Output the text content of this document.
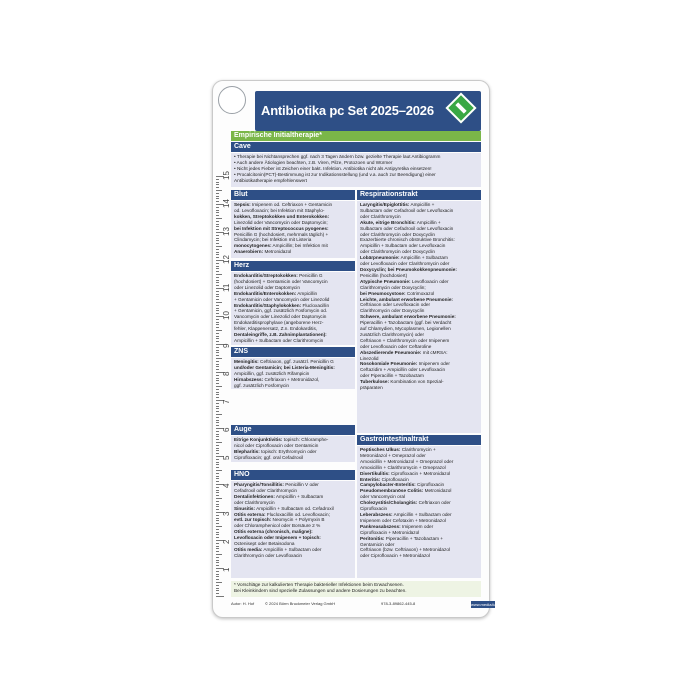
Antibiotika pc Set 2025–2026
1
2
3
4
5
6
7
8
9
10
11
12
13
14
15
Empirische Initialtherapie*
Cave
• Therapie bei Nichtansprechen ggf. nach 3 Tagen ändern bzw. gezielte Therapie laut Antibiogramm
• Auch andere Ätiologien beachten, z.B. Viren, Pilze, Protozoen und Würmer
• Nicht jedes Fieber ist Zeichen einer bakt. Infektion. Antibiotika nicht als Antipyretika einsetzen!
• Procalcitonin(PCT)-Bestimmung ist zur Indikationsstellung (und v.a. auch zur Beendigung) einer
Antibiotikatherapie empfehlenswert
Blut
Sepsis: Imipenem od. Ceftriaxon + Gentamicin
od. Levofloxacin; bei Infektion mit Staphylo-
kokken, Streptokokken und Enterokokken:
Linezolid oder Vancomycin oder Daptomycin;
bei Infektion mit Streptococcus pyogenes:
Penicillin G (hochdosiert, mehrmals täglich) +
Clindamycin; bei Infektion mit Listeria
monocytogenes: Ampicillin; bei Infektion mit
Anaerobiern: Metronidazol
Herz
Endokarditis/Streptokokken: Penicillin G
(hochdosiert) + Gentamicin oder Vancomycin
oder Linezolid oder Daptomycin
Endokarditis/Enterokokken: Ampicillin
+ Gentamicin oder Vancomycin oder Linezolid
Endokarditis/Staphylokokken: Flucloxacillin
+ Gentamicin, ggf. zusätzlich Fosfomycin od.
Vancomycin oder Linezolid oder Daptomycin
Endokarditisprophylaxe (angeborene Herz-
fehler, Klappenersatz, Z.n. Endokarditis,
Dentaleingriffe, z.B. Zahnimplantationen):
Ampicillin + Sulbactam oder Clarithromycin
ZNS
Meningitis: Ceftriaxon, ggf. zusätzl. Penicillin G
und/oder Gentamicin; bei Listeria-Meningitis:
Ampicillin, ggf. zusätzlich Rifampicin
Hirnabszess: Ceftriaxon + Metronidazol,
ggf. zusätzlich Fosfomycin
Auge
Eitrige Konjunktivitis: topisch: Chloramphe-
nicol oder Ciprofloxacin oder Gentamicin
Blepharitis: topisch: Erythromycin oder
Ciprofloxacin; ggf. oral Cefadroxil
HNO
Pharyngitis/Tonsillitis: Penicillin V oder
Cefadroxil oder Clarithromycin
Dentalinfektionen: Ampicillin + Sulbactam
oder Clarithromycin
Sinusitis: Ampicillin + Sulbactam od. Cefadroxil
Otitis externa: Flucloxacillin od. Levofloxacin;
evtl. zur topisch: Neomycin + Polymyxin B
oder Chloramphenicol oder Borsäure 2 %
Otitis externa (chronisch, maligne):
Levofloxacin oder Imipenem + topisch:
Octenisept oder Betaisodona
Otitis media: Ampicillin + Sulbactam oder
Clarithromycin oder Levofloxacin
Respirationstrakt
Laryngitis/Epiglottitis: Ampicillin +
Sulbactam oder Cefadroxil oder Levofloxacin
oder Clarithromycin
Akute, eitrige Bronchitis: Ampicillin +
Sulbactam oder Cefadroxil oder Levofloxacin
oder Clarithromycin oder Doxycyclin
Exazerbierte chronisch obstruktive Bronchitis:
Ampicillin + Sulbactam oder Levofloxacin
oder Clarithromycin oder Doxycyclin
Lobärpneumonie: Ampicillin + Sulbactam
oder Levofloxacin oder Clarithromycin oder
Doxycyclin; bei Pneumokokkenpneumonie:
Penicillin (hochdosiert)
Atypische Pneumonie: Levofloxacin oder
Clarithromycin oder Doxycyclin;
bei Pneumocystose: Cotrimoxazol
Leichte, ambulant erworbene Pneumonie:
Ceftriaxon oder Levofloxacin oder
Clarithromycin oder Doxycyclin
Schwere, ambulant erworbene Pneumonie:
Piperacillin + Tazobactam (ggf. bei Verdacht
auf Chlamydien, Mycoplasmen, Legionellen
zusätzlich Clarithromycin) oder
Ceftriaxon + Clarithromycin oder Imipenem
oder Levofloxacin oder Ceftaroline
Abszedierende Pneumonie: mit cMRSA:
Linezolid
Nosokomiale Pneumonie: Imipenem oder
Ceftazidim + Ampicillin oder Levofloxacin
oder Piperacillin + Tazobactam
Tuberkulose: Kombination von Spezial-
präparaten
Gastrointestinaltrakt
Peptisches Ulkus: Clarithromycin +
Metronidazol + Omeprazol oder
Amoxicillin + Metronidazol + Omeprazol oder
Amoxicillin + Clarithromycin + Omeprazol
Divertikulitis: Ciprofloxacin + Metronidazol
Enteritis: Ciprofloxacin
Campylobacter-Enteritis: Ciprofloxacin
Pseudomembranöse Colitis: Metronidazol
oder Vancomycin oral
Cholezystitis/Cholangitis: Ceftriaxon oder
Ciprofloxacin
Leberabszess: Ampicillin + Sulbactam oder
Imipenem oder Cefotaxim + Metronidazol
Pankreasabszess: Imipenem oder
Ciprofloxacin + Metronidazol
Peritonitis: Piperacillin + Tazobactam +
Gentamicin oder
Ceftriaxon (bzw. Ceftriaxon) + Metronidazol
oder Ciprofloxacin + Metronidazol
* Vorschläge zur kalkulierten Therapie bakterieller Infektionen beim Erwachsenen.
Bei Kleinkindern sind spezielle Zulassungen und andere Dosierungen zu beachten.
Autor: H. Hof	© 2024 Börm Bruckmeier Verlag GmbH	978-3-89862-445-8	www.media4u.com
